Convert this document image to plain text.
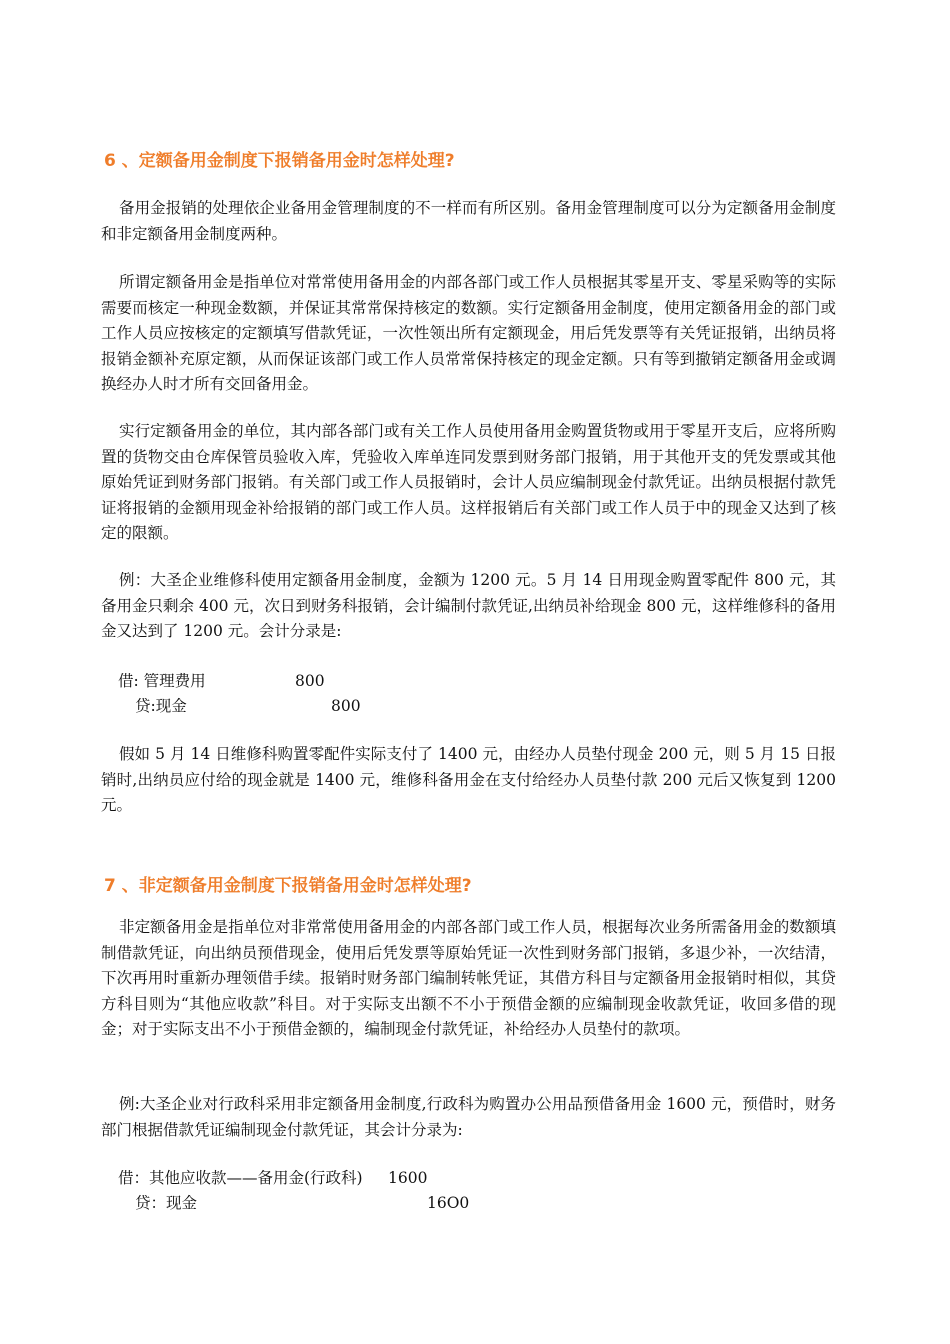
6 、定额备用金制度下报销备用金时怎样处理?

备用金报销的处理依企业备用金管理制度的不一样而有所区别。备用金管理制度可以分为定额备用金制度和非定额备用金制度两种。

所谓定额备用金是指单位对常常使用备用金的内部各部门或工作人员根据其零星开支、零星采购等的实际需要而核定一种现金数额，并保证其常常保持核定的数额。实行定额备用金制度，使用定额备用金的部门或工作人员应按核定的定额填写借款凭证，一次性领出所有定额现金，用后凭发票等有关凭证报销，出纳员将报销金额补充原定额，从而保证该部门或工作人员常常保持核定的现金定额。只有等到撤销定额备用金或调换经办人时才所有交回备用金。

实行定额备用金的单位，其内部各部门或有关工作人员使用备用金购置货物或用于零星开支后，应将所购置的货物交由仓库保管员验收入库，凭验收入库单连同发票到财务部门报销，用于其他开支的凭发票或其他原始凭证到财务部门报销。有关部门或工作人员报销时，会计人员应编制现金付款凭证。出纳员根据付款凭证将报销的金额用现金补给报销的部门或工作人员。这样报销后有关部门或工作人员于中的现金又达到了核定的限额。

例：大圣企业维修科使用定额备用金制度，金额为 1200 元。5 月 14 日用现金购置零配件 800 元，其备用金只剩余 400 元，次日到财务科报销，会计编制付款凭证,出纳员补给现金 800 元，这样维修科的备用金又达到了 1200 元。会计分录是:

借: 管理费用	800
贷:现金	800

假如 5 月 14 日维修科购置零配件实际支付了 1400 元，由经办人员垫付现金 200 元，则 5 月 15 日报销时,出纳员应付给的现金就是 1400 元，维修科备用金在支付给经办人员垫付款 200 元后又恢复到 1200 元。

7 、非定额备用金制度下报销备用金时怎样处理?

非定额备用金是指单位对非常常使用备用金的内部各部门或工作人员，根据每次业务所需备用金的数额填制借款凭证，向出纳员预借现金，使用后凭发票等原始凭证一次性到财务部门报销，多退少补，一次结清，下次再用时重新办理领借手续。报销时财务部门编制转帐凭证，其借方科目与定额备用金报销时相似，其贷方科目则为“其他应收款”科目。对于实际支出额不不小于预借金额的应编制现金收款凭证，收回多借的现金；对于实际支出不小于预借金额的，编制现金付款凭证，补给经办人员垫付的款项。

例:大圣企业对行政科采用非定额备用金制度,行政科为购置办公用品预借备用金 1600 元，预借时，财务部门根据借款凭证编制现金付款凭证，其会计分录为:

借：其他应收款——备用金(行政科) 1600
贷：现金	16O0
